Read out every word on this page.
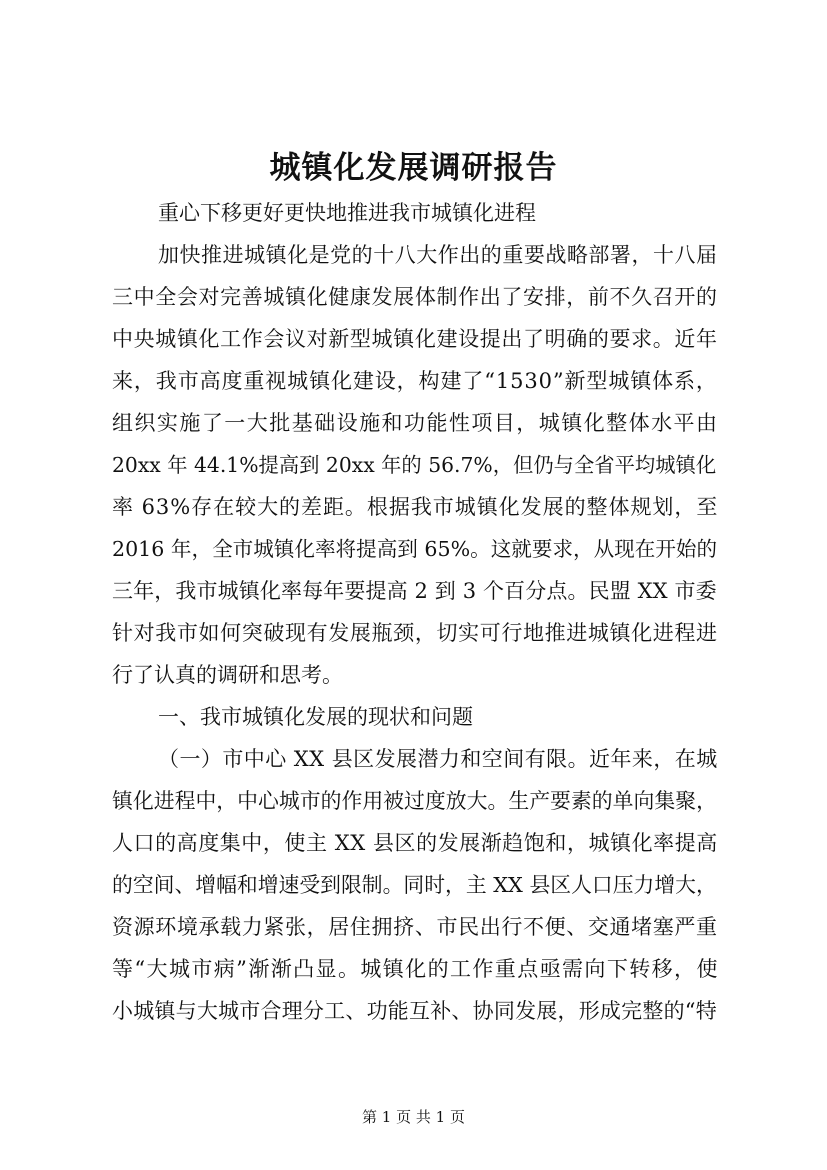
城镇化发展调研报告
重心下移更好更快地推进我市城镇化进程
加快推进城镇化是党的十八大作出的重要战略部署，十八届
三中全会对完善城镇化健康发展体制作出了安排，前不久召开的
中央城镇化工作会议对新型城镇化建设提出了明确的要求。近年
来，我市高度重视城镇化建设，构建了“1530”新型城镇体系，
组织实施了一大批基础设施和功能性项目，城镇化整体水平由
20xx 年 44.1%提高到 20xx 年的 56.7%，但仍与全省平均城镇化
率 63%存在较大的差距。根据我市城镇化发展的整体规划，至
2016 年，全市城镇化率将提高到 65%。这就要求，从现在开始的
三年，我市城镇化率每年要提高 2 到 3 个百分点。民盟 XX 市委
针对我市如何突破现有发展瓶颈，切实可行地推进城镇化进程进
行了认真的调研和思考。
一、我市城镇化发展的现状和问题
（一）市中心 XX 县区发展潜力和空间有限。近年来，在城
镇化进程中，中心城市的作用被过度放大。生产要素的单向集聚，
人口的高度集中，使主 XX 县区的发展渐趋饱和，城镇化率提高
的空间、增幅和增速受到限制。同时，主 XX 县区人口压力增大，
资源环境承载力紧张，居住拥挤、市民出行不便、交通堵塞严重
等“大城市病”渐渐凸显。城镇化的工作重点亟需向下转移，使
小城镇与大城市合理分工、功能互补、协同发展，形成完整的“特
第 1 页 共 1 页
